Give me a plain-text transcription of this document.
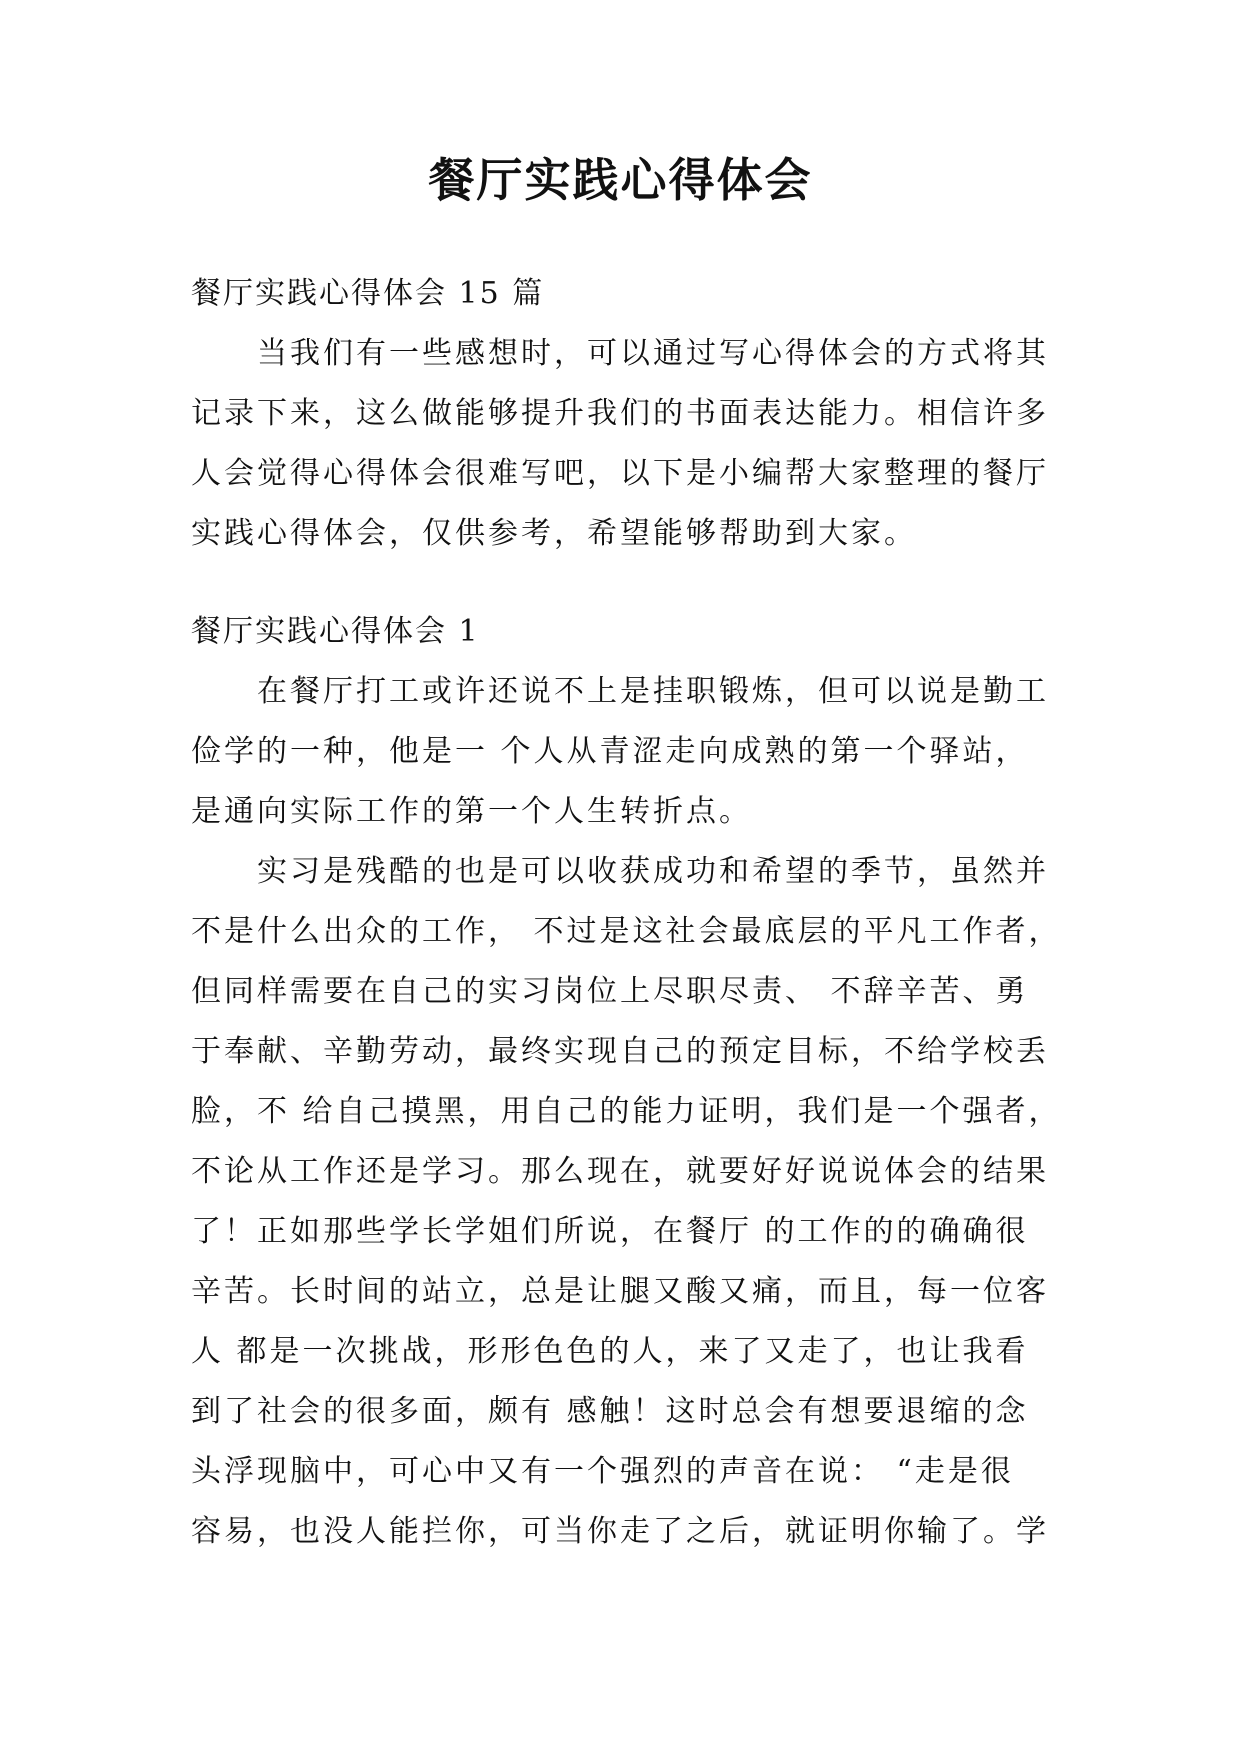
餐厅实践心得体会

餐厅实践心得体会 15 篇

当我们有一些感想时，可以通过写心得体会的方式将其
记录下来，这么做能够提升我们的书面表达能力。相信许多
人会觉得心得体会很难写吧，以下是小编帮大家整理的餐厅
实践心得体会，仅供参考，希望能够帮助到大家。

餐厅实践心得体会 1

在餐厅打工或许还说不上是挂职锻炼，但可以说是勤工
俭学的一种，他是一 个人从青涩走向成熟的第一个驿站，
是通向实际工作的第一个人生转折点。

实习是残酷的也是可以收获成功和希望的季节，虽然并
不是什么出众的工作， 不过是这社会最底层的平凡工作者，
但同样需要在自己的实习岗位上尽职尽责、 不辞辛苦、勇
于奉献、辛勤劳动，最终实现自己的预定目标，不给学校丢
脸，不 给自己摸黑，用自己的能力证明，我们是一个强者，
不论从工作还是学习。那么现在，就要好好说说体会的结果
了！正如那些学长学姐们所说，在餐厅 的工作的的确确很
辛苦。长时间的站立，总是让腿又酸又痛，而且，每一位客
人 都是一次挑战，形形色色的人，来了又走了，也让我看
到了社会的很多面，颇有 感触！这时总会有想要退缩的念
头浮现脑中，可心中又有一个强烈的声音在说： “走是很
容易，也没人能拦你，可当你走了之后，就证明你输了。学
